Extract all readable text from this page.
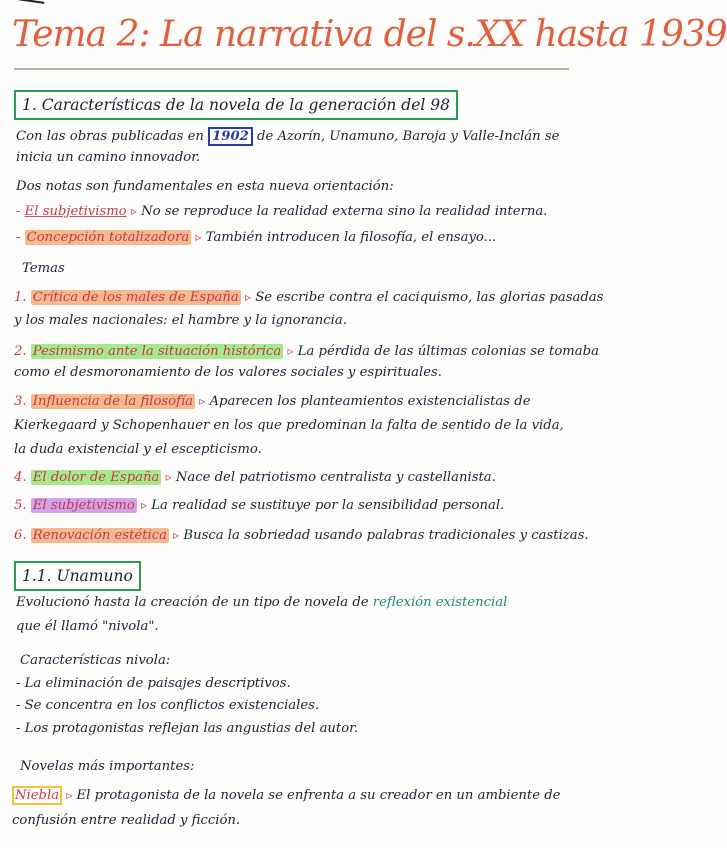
Tema 2: La narrativa del s.XX hasta 1939
1. Características de la novela de la generación del 98
Con las obras publicadas en 1902 de Azorín, Unamuno, Baroja y Valle-Inclán se
inicia un camino innovador.
Dos notas son fundamentales en esta nueva orientación:
- El subjetivismo ▹ No se reproduce la realidad externa sino la realidad interna.
- Concepción totalizadora ▹ También introducen la filosofía, el ensayo...
Temas
1. Crítica de los males de España ▹ Se escribe contra el caciquismo, las glorias pasadas
y los males nacionales: el hambre y la ignorancia.
2. Pesimismo ante la situación histórica ▹ La pérdida de las últimas colonias se tomaba
como el desmoronamiento de los valores sociales y espirituales.
3. Influencia de la filosofía ▹ Aparecen los planteamientos existencialistas de
Kierkegaard y Schopenhauer en los que predominan la falta de sentido de la vida,
la duda existencial y el escepticismo.
4. El dolor de España ▹ Nace del patriotismo centralista y castellanista.
5. El subjetivismo ▹ La realidad se sustituye por la sensibilidad personal.
6. Renovación estética ▹ Busca la sobriedad usando palabras tradicionales y castizas.
1.1. Unamuno
Evolucionó hasta la creación de un tipo de novela de reflexión existencial
que él llamó "nivola".
Características nivola:
- La eliminación de paisajes descriptivos.
- Se concentra en los conflictos existenciales.
- Los protagonistas reflejan las angustias del autor.
Novelas más importantes:
Niebla ▹ El protagonista de la novela se enfrenta a su creador en un ambiente de
confusión entre realidad y ficción.
